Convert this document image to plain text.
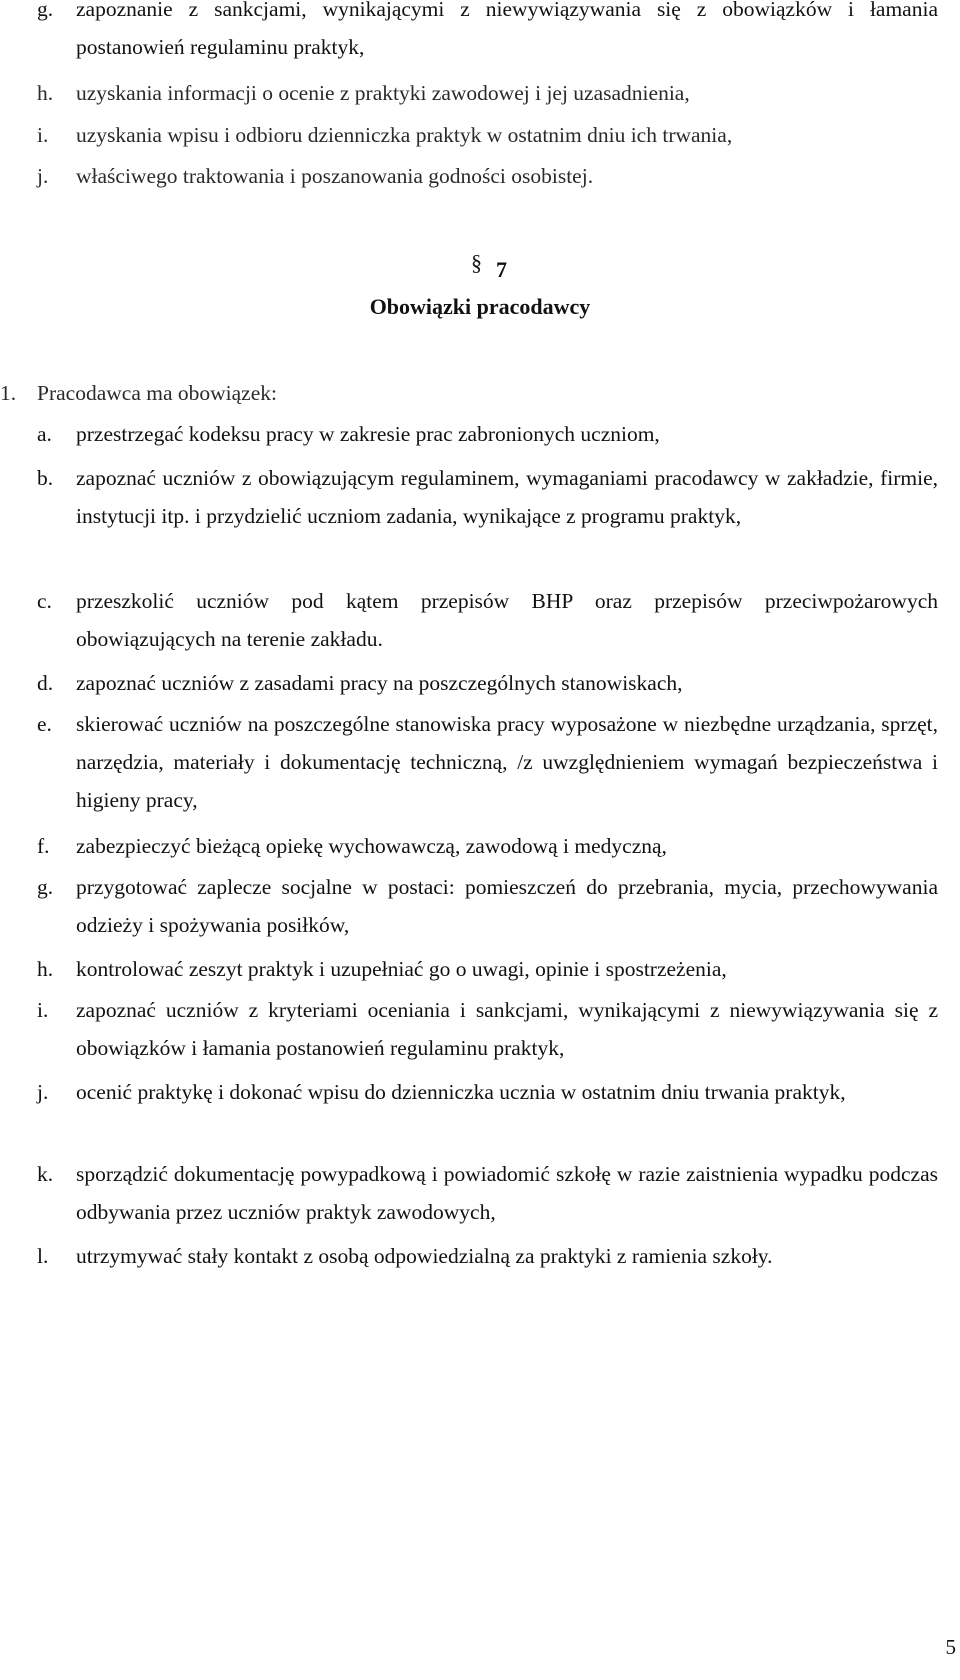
g. zapoznanie z sankcjami, wynikającymi z niewywiązywania się z obowiązków i łamania postanowień regulaminu praktyk,
h. uzyskania informacji o ocenie z praktyki zawodowej i jej uzasadnienia,
i. uzyskania wpisu i odbioru dzienniczka praktyk w ostatnim dniu ich trwania,
j. właściwego traktowania i poszanowania godności osobistej.
§ 7
Obowiązki pracodawcy
1. Pracodawca ma obowiązek:
a. przestrzegać kodeksu pracy w zakresie prac zabronionych uczniom,
b. zapoznać uczniów z obowiązującym regulaminem, wymaganiami pracodawcy w zakładzie, firmie, instytucji itp. i przydzielić uczniom zadania, wynikające z programu praktyk,
c. przeszkolić uczniów pod kątem przepisów BHP oraz przepisów przeciwpożarowych obowiązujących na terenie zakładu.
d. zapoznać uczniów z zasadami pracy na poszczególnych stanowiskach,
e. skierować uczniów na poszczególne stanowiska pracy wyposażone w niezbędne urządzania, sprzęt, narzędzia, materiały i dokumentację techniczną, /z uwzględnieniem wymagań bezpieczeństwa i higieny pracy,
f. zabezpieczyć bieżącą opiekę wychowawczą, zawodową i medyczną,
g. przygotować zaplecze socjalne w postaci: pomieszczeń do przebrania, mycia, przechowywania odzieży i spożywania posiłków,
h. kontrolować zeszyt praktyk i uzupełniać go o uwagi, opinie i spostrzeżenia,
i. zapoznać uczniów z kryteriami oceniania i sankcjami, wynikającymi z niewywiązywania się z obowiązków i łamania postanowień regulaminu praktyk,
j. ocenić praktykę i dokonać wpisu do dzienniczka ucznia w ostatnim dniu trwania praktyk,
k. sporządzić dokumentację powypadkową i powiadomić szkołę w razie zaistnienia wypadku podczas odbywania przez uczniów praktyk zawodowych,
l. utrzymywać stały kontakt z osobą odpowiedzialną za praktyki z ramienia szkoły.
5
